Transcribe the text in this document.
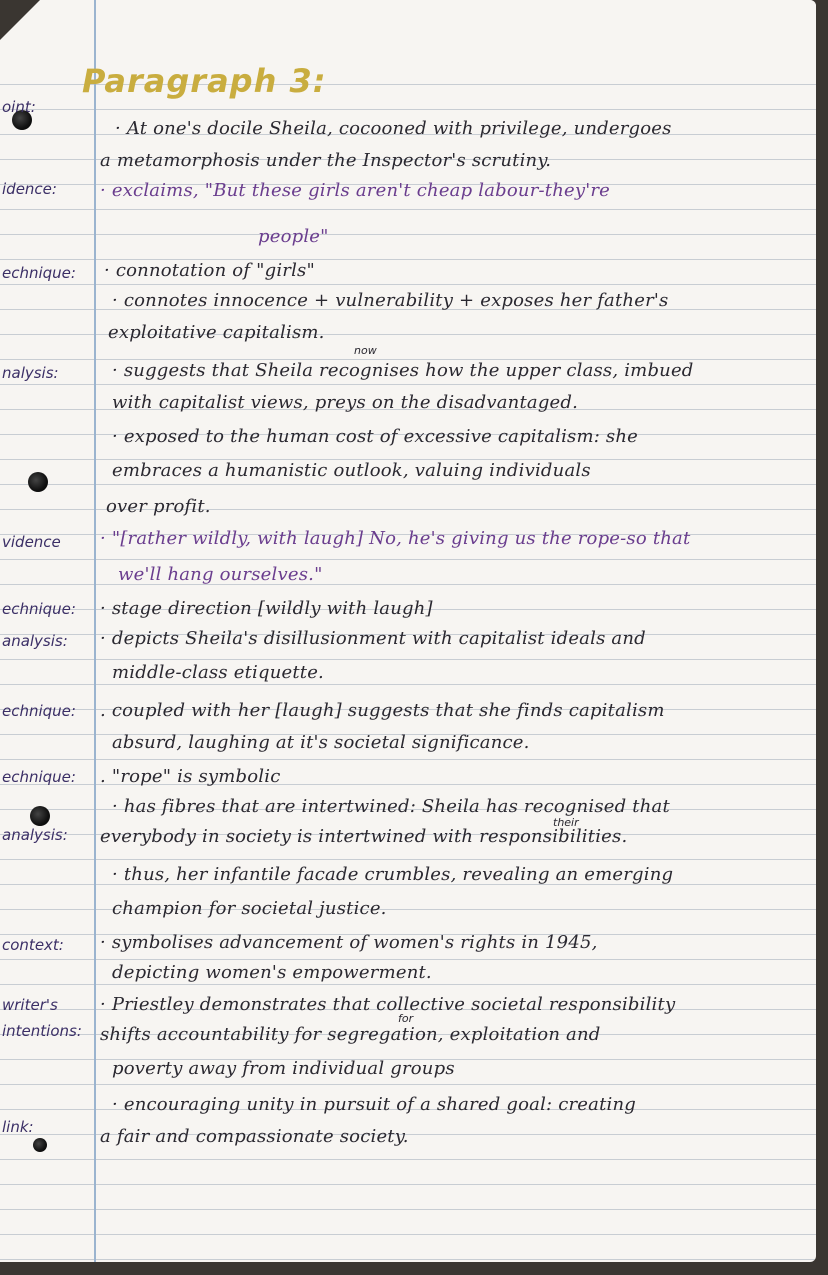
Paragraph 3:
oint:
idence:
echnique:
nalysis:
vidence
echnique:
analysis:
echnique:
echnique:
analysis:
context:
writer's
intentions:
link:
· At one's docile Sheila, cocooned with privilege, undergoes
a metamorphosis under the Inspector's scrutiny.
· exclaims, "But these girls aren't cheap labour-they're
people"
· connotation of "girls"
· connotes innocence + vulnerability + exposes her father's
exploitative capitalism.
now
· suggests that Sheila recognises how the upper class, imbued
with capitalist views, preys on the disadvantaged.
· exposed to the human cost of excessive capitalism: she
embraces a humanistic outlook, valuing individuals
over profit.
· "[rather wildly, with laugh] No, he's giving us the rope-so that
we'll hang ourselves."
· stage direction [wildly with laugh]
· depicts Sheila's disillusionment with capitalist ideals and
middle-class etiquette.
. coupled with her [laugh] suggests that she finds capitalism
absurd, laughing at it's societal significance.
. "rope" is symbolic
· has fibres that are intertwined: Sheila has recognised that
their
everybody in society is intertwined with responsibilities.
· thus, her infantile facade crumbles, revealing an emerging
champion for societal justice.
· symbolises advancement of women's rights in 1945,
depicting women's empowerment.
· Priestley demonstrates that collective societal responsibility
for
shifts accountability for segregation, exploitation and
poverty away from individual groups
· encouraging unity in pursuit of a shared goal: creating
a fair and compassionate society.
